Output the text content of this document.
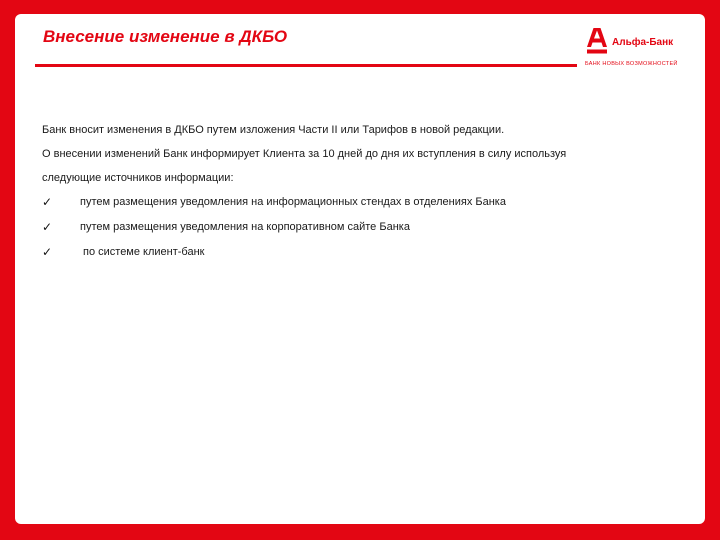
Внесение изменение в ДКБО	Альфа-Банк
БАНК НОВЫХ ВОЗМОЖНОСТЕЙ

Банк вносит изменения в ДКБО путем изложения Части II или Тарифов в новой редакции.

О внесении изменений Банк информирует Клиента за 10 дней до дня их вступления в силу используя

следующие источников информации:

✓	путем размещения уведомления на информационных стендах в отделениях Банка
✓	путем размещения уведомления на корпоративном сайте Банка
✓	по системе клиент-банк
